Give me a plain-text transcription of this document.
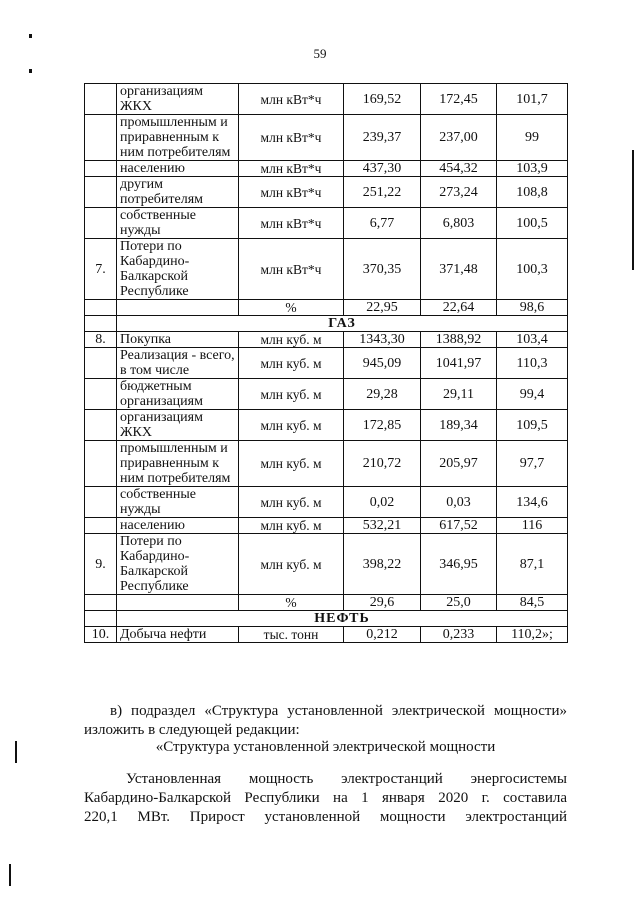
59
	организациям ЖКХ	млн кВт*ч	169,52	172,45	101,7
	промышленным и приравненным к ним потребителям	млн кВт*ч	239,37	237,00	99
	населению	млн кВт*ч	437,30	454,32	103,9
	другим потребителям	млн кВт*ч	251,22	273,24	108,8
	собственные нужды	млн кВт*ч	6,77	6,803	100,5
7.	Потери по Кабардино-Балкарской Республике	млн кВт*ч	370,35	371,48	100,3
		%	22,95	22,64	98,6
	ГАЗ				
8.	Покупка	млн куб. м	1343,30	1388,92	103,4
	Реализация - всего, в том числе	млн куб. м	945,09	1041,97	110,3
	бюджетным организациям	млн куб. м	29,28	29,11	99,4
	организациям ЖКХ	млн куб. м	172,85	189,34	109,5
	промышленным и приравненным к ним потребителям	млн куб. м	210,72	205,97	97,7
	собственные нужды	млн куб. м	0,02	0,03	134,6
	населению	млн куб. м	532,21	617,52	116
9.	Потери по Кабардино-Балкарской Республике	млн куб. м	398,22	346,95	87,1
		%	29,6	25,0	84,5
	НЕФТЬ				
10.	Добыча нефти	тыс. тонн	0,212	0,233	110,2»;
в) подраздел «Структура установленной электрической мощности» изложить в следующей редакции:
«Структура установленной электрической мощности
Установленная мощность электростанций энергосистемы
Кабардино-Балкарской Республики на 1 января 2020 г. составила
220,1 МВт. Прирост установленной мощности электростанций
